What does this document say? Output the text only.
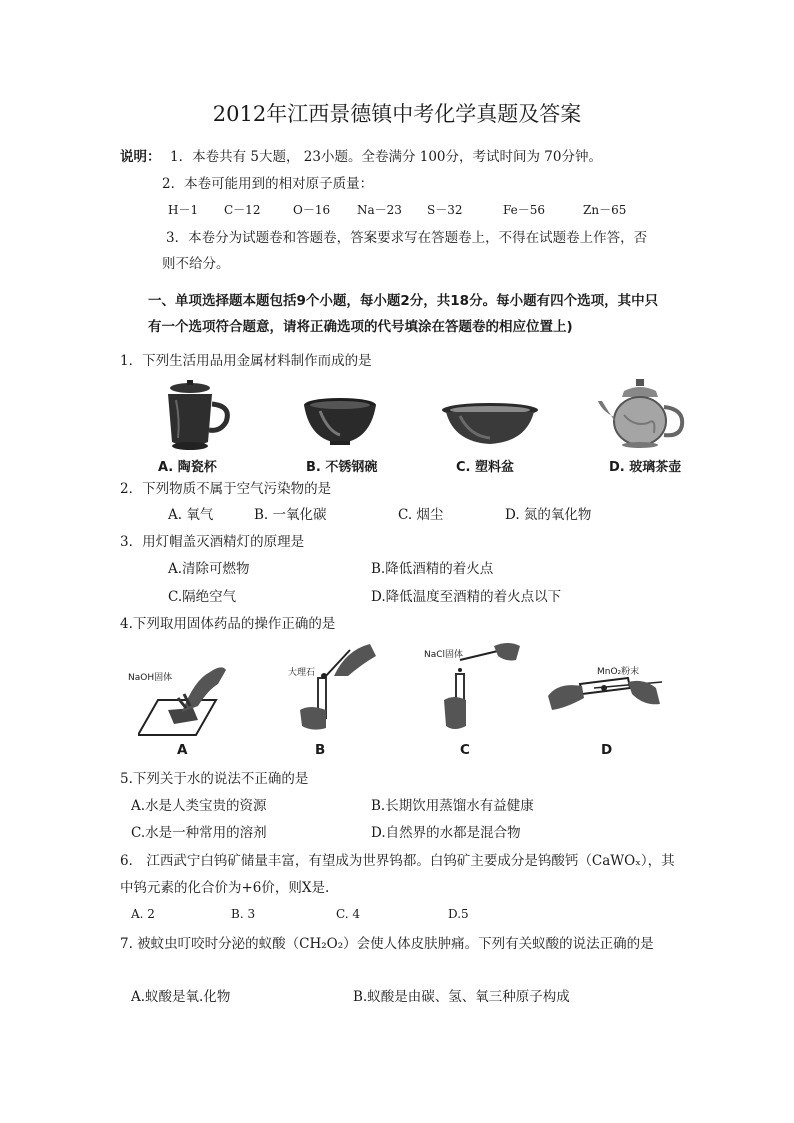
2012年江西景德镇中考化学真题及答案
说明： 1．本卷共有 5大题， 23小题。全卷满分 100分，考试时间为 70分钟。
2．本卷可能用到的相对原子质量：
H－1 C－12	O－16 Na－23 S－32	Fe－56	Zn－65
3．本卷分为试题卷和答题卷，答案要求写在答题卷上，不得在试题卷上作答，否
则不给分。
一、单项选择题本题包括9个小题，每小题2分，共18分。每小题有四个选项，其中只
有一个选项符合题意，请将正确选项的代号填涂在答题卷的相应位置上)
1．下列生活用品用金属材料制作而成的是
A. 陶瓷杯	B. 不锈钢碗	C. 塑料盆	D. 玻璃茶壶
2．下列物质不属于空气污染物的是
A. 氧气	B. 一氧化碳	C. 烟尘	D. 氮的氧化物
3．用灯帽盖灭酒精灯的原理是
A.清除可燃物	B.降低酒精的着火点
C.隔绝空气	D.降低温度至酒精的着火点以下
4.下列取用固体药品的操作正确的是
NaOH固体
A
大理石
B
NaCl固体
C
MnO₂粉末
D
5.下列关于水的说法不正确的是
A.水是人类宝贵的资源	B.长期饮用蒸馏水有益健康
C.水是一种常用的溶剂	D.自然界的水都是混合物
6． 江西武宁白钨矿储量丰富，有望成为世界钨都。白钨矿主要成分是钨酸钙（CaWOₓ），其
中钨元素的化合价为+6价，则X是.
A. 2	B. 3	C. 4	D.5
7. 被蚊虫叮咬时分泌的蚁酸（CH₂O₂）会使人体皮肤肿痛。下列有关蚁酸的说法正确的是
A.蚁酸是氧.化物	B.蚁酸是由碳、氢、氧三种原子构成
